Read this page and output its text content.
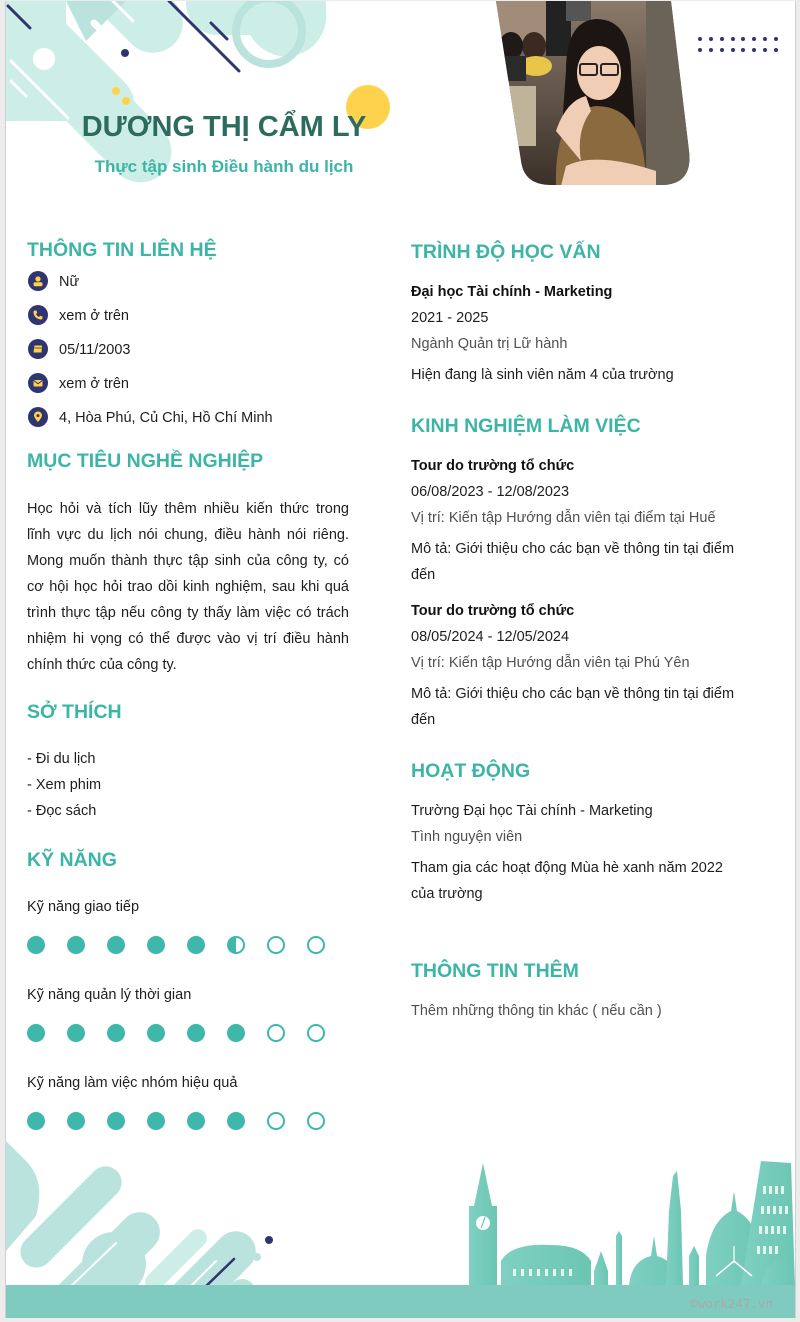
DƯƠNG THỊ CẨM LY
Thực tập sinh Điều hành du lịch
THÔNG TIN LIÊN HỆ
Nữ
xem ở trên
05/11/2003
xem ở trên
4, Hòa Phú, Củ Chi, Hồ Chí Minh
MỤC TIÊU NGHỀ NGHIỆP
Học hỏi và tích lũy thêm nhiều kiến thức trong lĩnh vực du lịch nói chung, điều hành nói riêng. Mong muốn thành thực tập sinh của công ty, có cơ hội học hỏi trao dồi kinh nghiệm, sau khi quá trình thực tập nếu công ty thấy làm việc có trách nhiệm hi vọng có thể được vào vị trí điều hành chính thức của công ty.
SỞ THÍCH
- Đi du lịch
- Xem phim
- Đọc sách
KỸ NĂNG
Kỹ năng giao tiếp
Kỹ năng quản lý thời gian
Kỹ năng làm việc nhóm hiệu quả
TRÌNH ĐỘ HỌC VẤN
Đại học Tài chính - Marketing
2021 - 2025
Ngành Quản trị Lữ hành
Hiện đang là sinh viên năm 4 của trường
KINH NGHIỆM LÀM VIỆC
Tour do trường tổ chức
06/08/2023 - 12/08/2023
Vị trí: Kiến tập Hướng dẫn viên tại điểm tại Huế
Mô tả: Giới thiệu cho các bạn về thông tin tại điểm
đến
Tour do trường tổ chức
08/05/2024 - 12/05/2024
Vị trí: Kiến tập Hướng dẫn viên tại Phú Yên
Mô tả: Giới thiệu cho các bạn về thông tin tại điểm
đến
HOẠT ĐỘNG
Trường Đại học Tài chính - Marketing
Tình nguyện viên
Tham gia các hoạt động Mùa hè xanh năm 2022
của trường
THÔNG TIN THÊM
Thêm những thông tin khác ( nếu cần )
©work247.vn
